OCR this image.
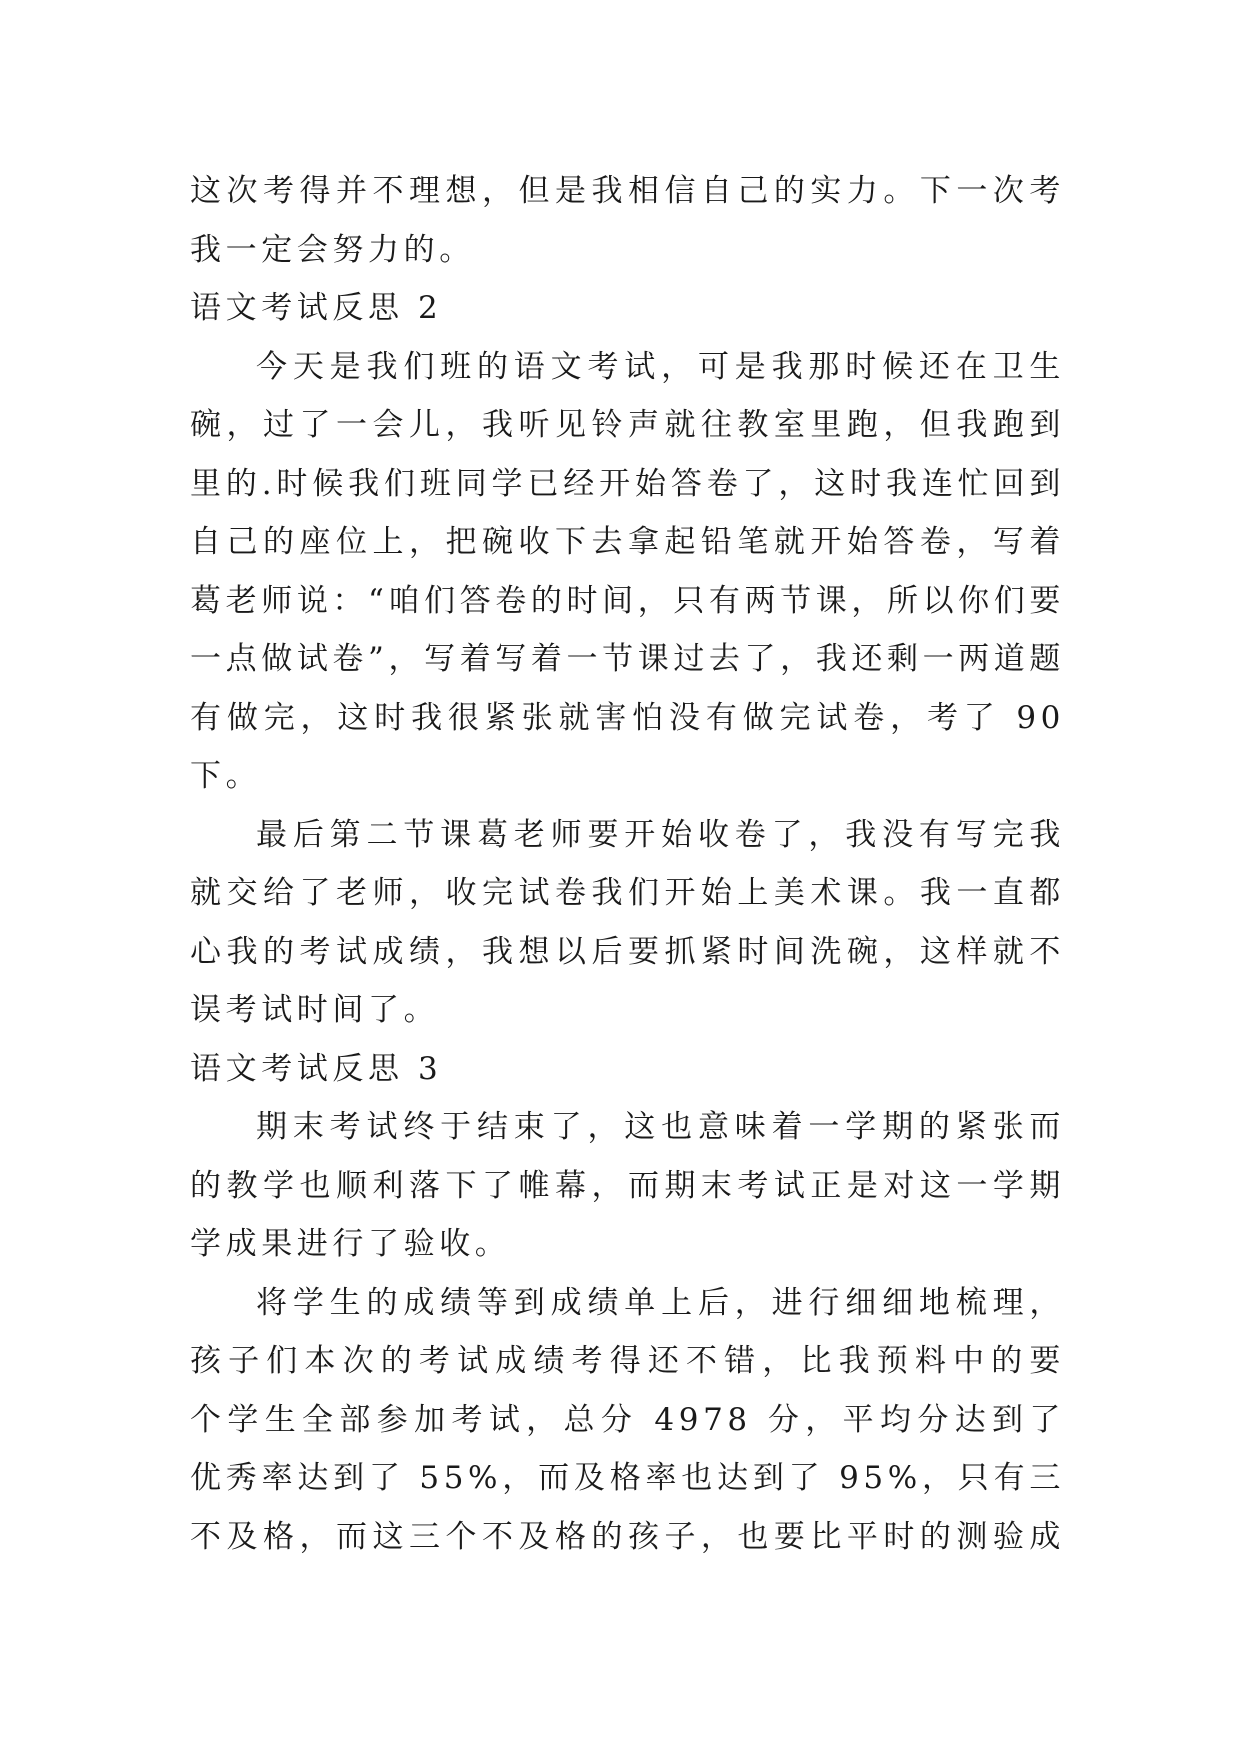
这次考得并不理想，但是我相信自己的实力。下一次考
我一定会努力的。
语文考试反思 2
今天是我们班的语文考试，可是我那时候还在卫生
碗，过了一会儿，我听见铃声就往教室里跑，但我跑到
里的.时候我们班同学已经开始答卷了，这时我连忙回到
自己的座位上，把碗收下去拿起铅笔就开始答卷，写着
葛老师说：“咱们答卷的时间，只有两节课，所以你们要
一点做试卷”，写着写着一节课过去了，我还剩一两道题
有做完，这时我很紧张就害怕没有做完试卷，考了 90
下。
最后第二节课葛老师要开始收卷了，我没有写完我
就交给了老师，收完试卷我们开始上美术课。我一直都
心我的考试成绩，我想以后要抓紧时间洗碗，这样就不
误考试时间了。
语文考试反思 3
期末考试终于结束了，这也意味着一学期的紧张而
的教学也顺利落下了帷幕，而期末考试正是对这一学期
学成果进行了验收。
将学生的成绩等到成绩单上后，进行细细地梳理，
孩子们本次的考试成绩考得还不错，比我预料中的要
个学生全部参加考试，总分 4978 分，平均分达到了
优秀率达到了 55%，而及格率也达到了 95%，只有三
不及格，而这三个不及格的孩子，也要比平时的测验成
